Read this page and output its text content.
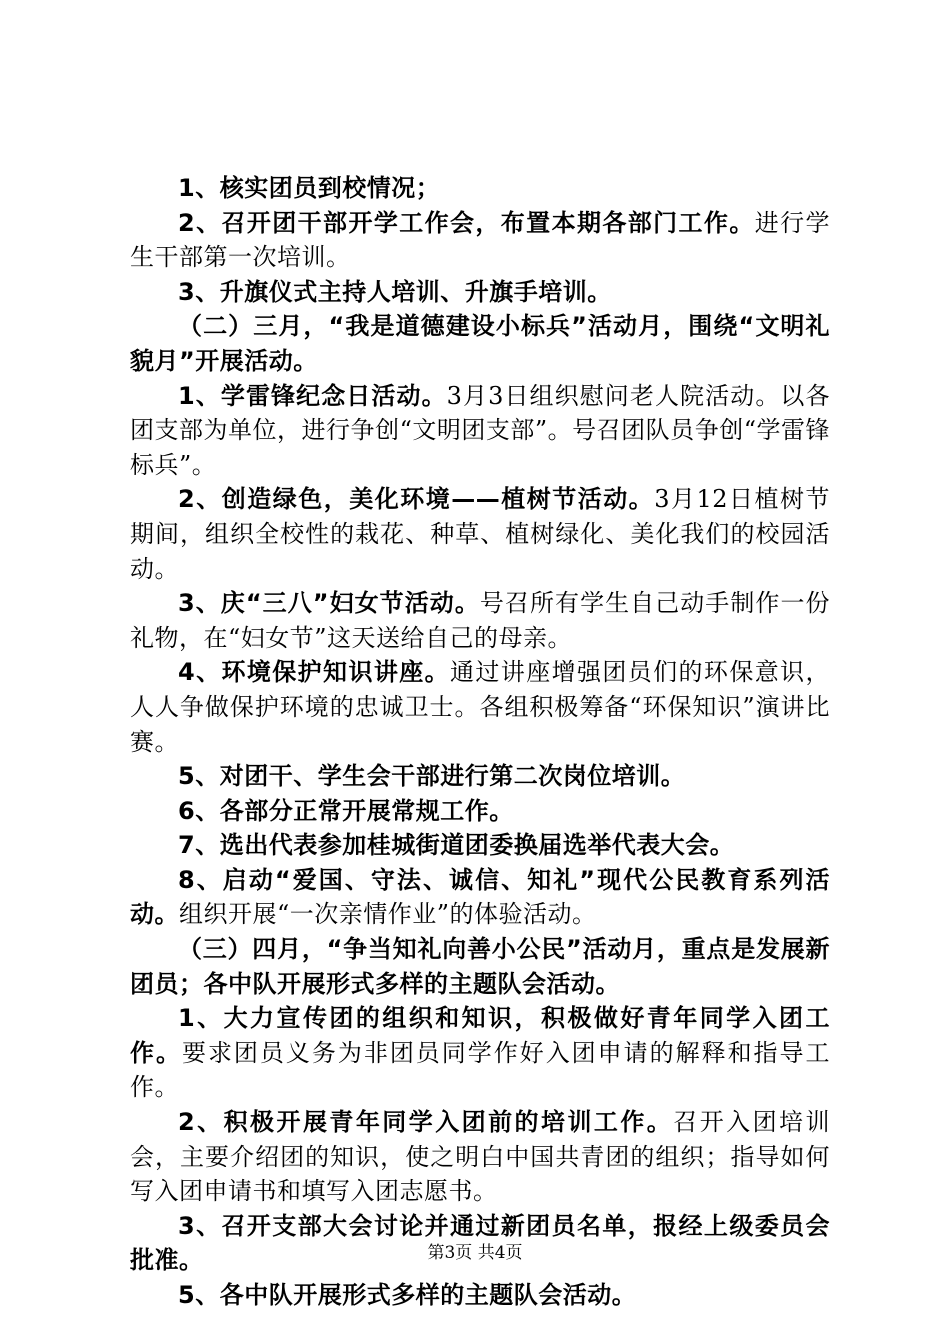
1、核实团员到校情况；

2、召开团干部开学工作会，布置本期各部门工作。进行学生干部第一次培训。

3、升旗仪式主持人培训、升旗手培训。

（二）三月，“我是道德建设小标兵”活动月，围绕“文明礼貌月”开展活动。

1、学雷锋纪念日活动。3月3日组织慰问老人院活动。以各团支部为单位，进行争创“文明团支部”。号召团队员争创“学雷锋标兵”。

2、创造绿色，美化环境——植树节活动。3月12日植树节期间，组织全校性的栽花、种草、植树绿化、美化我们的校园活动。

3、庆“三八”妇女节活动。号召所有学生自己动手制作一份礼物，在“妇女节”这天送给自己的母亲。

4、环境保护知识讲座。通过讲座增强团员们的环保意识，人人争做保护环境的忠诚卫士。各组积极筹备“环保知识”演讲比赛。

5、对团干、学生会干部进行第二次岗位培训。

6、各部分正常开展常规工作。

7、选出代表参加桂城街道团委换届选举代表大会。

8、启动“爱国、守法、诚信、知礼”现代公民教育系列活动。组织开展“一次亲情作业”的体验活动。

（三）四月，“争当知礼向善小公民”活动月，重点是发展新团员；各中队开展形式多样的主题队会活动。

1、大力宣传团的组织和知识，积极做好青年同学入团工作。要求团员义务为非团员同学作好入团申请的解释和指导工作。

2、积极开展青年同学入团前的培训工作。召开入团培训会，主要介绍团的知识，使之明白中国共青团的组织；指导如何写入团申请书和填写入团志愿书。

3、召开支部大会讨论并通过新团员名单，报经上级委员会批准。

5、各中队开展形式多样的主题队会活动。

第3页 共4页
